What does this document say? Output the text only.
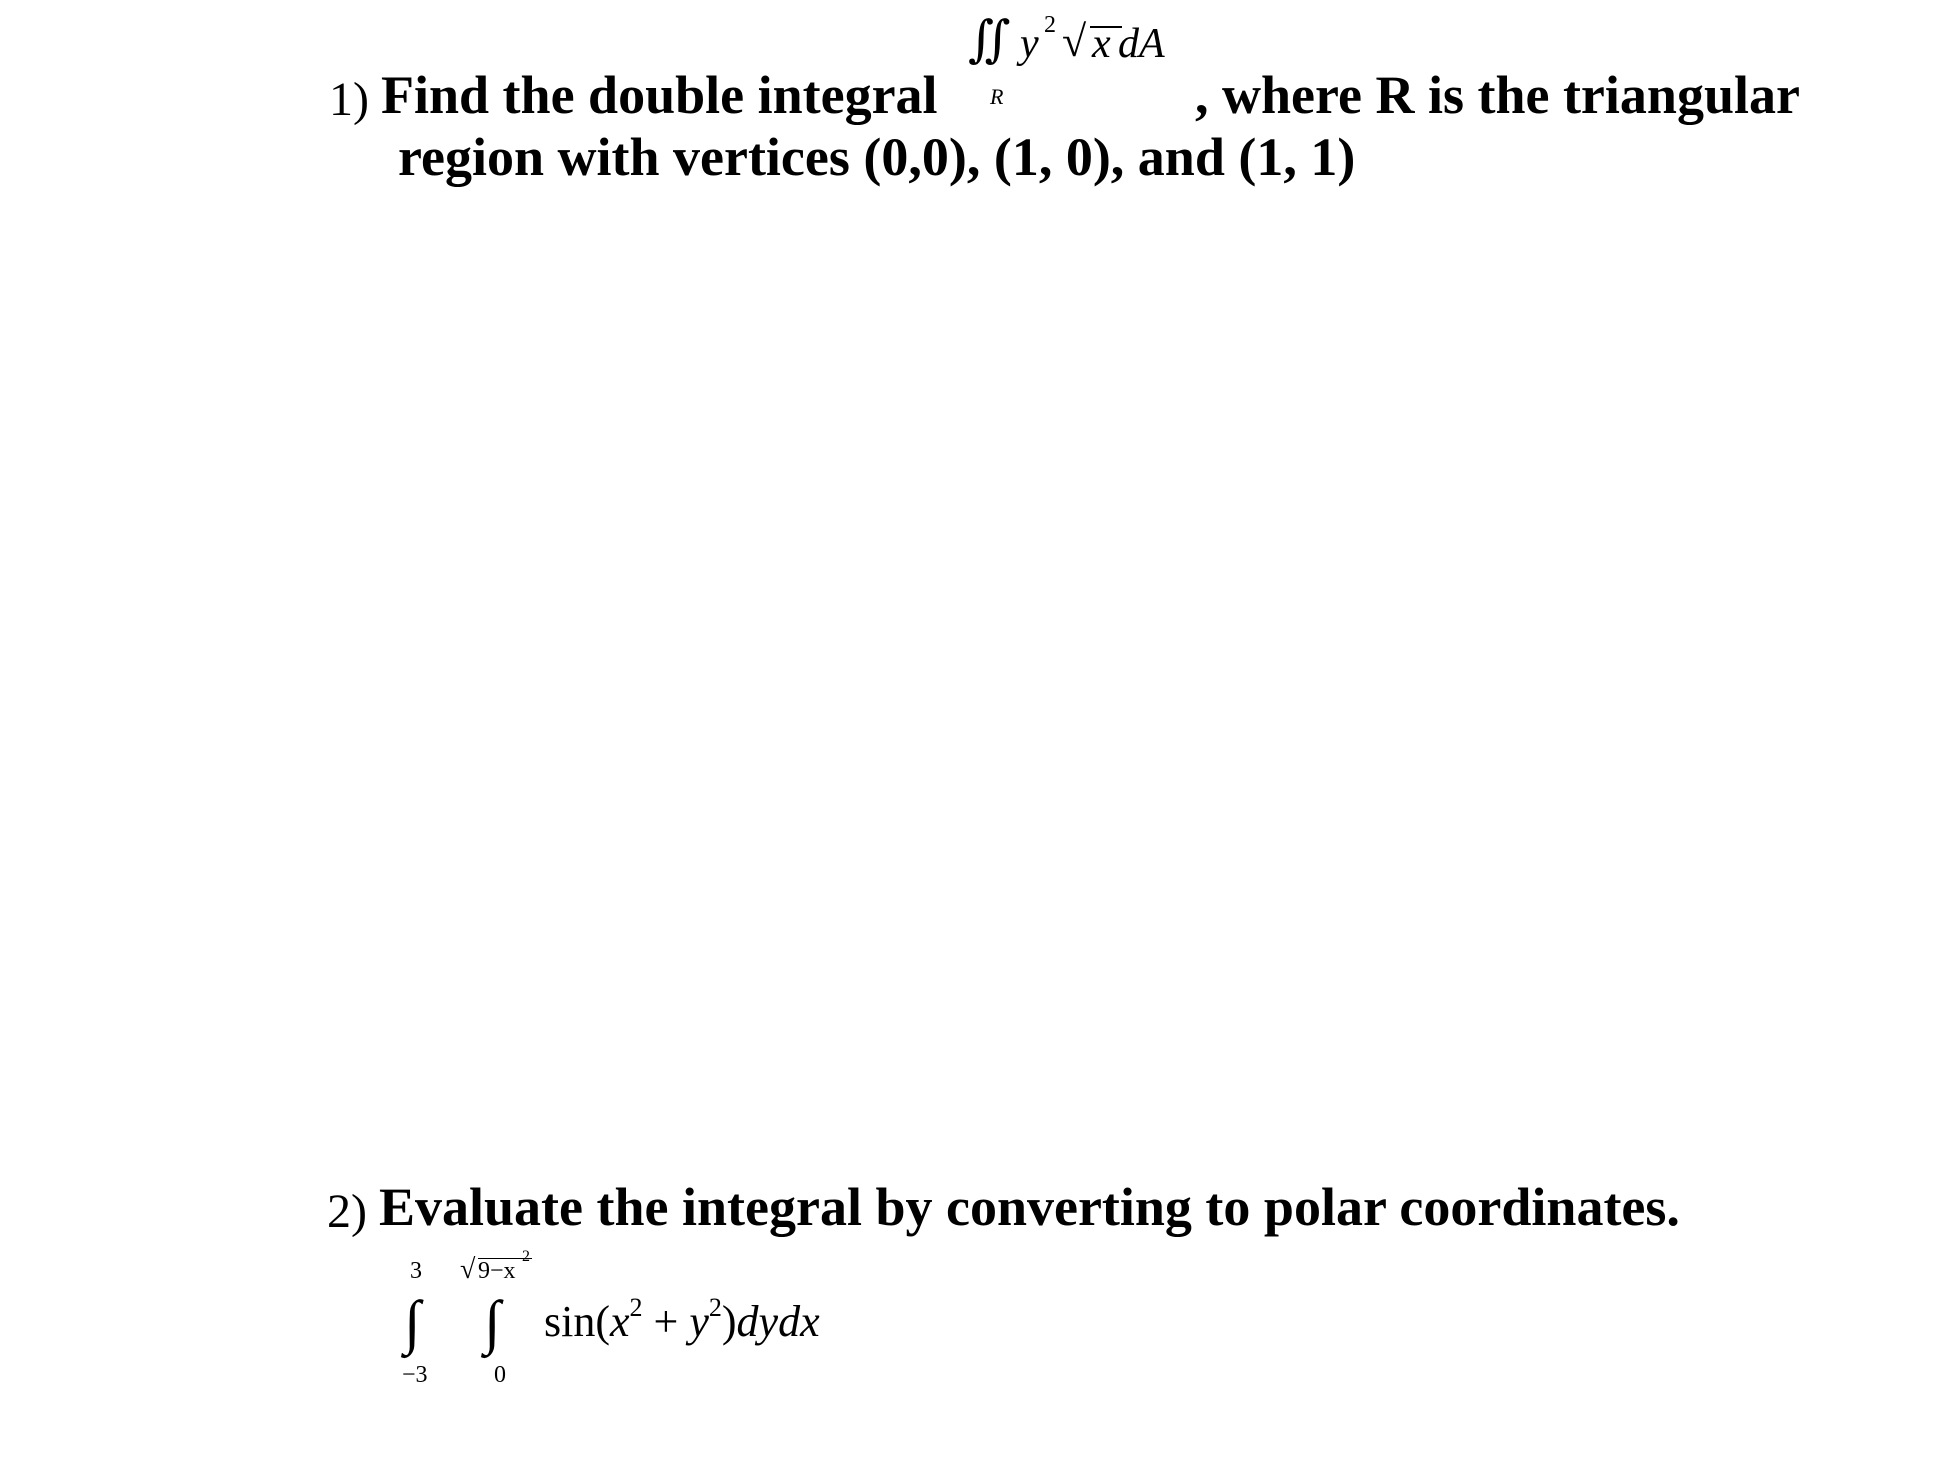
1) Find the double integral
∬ y 2 √ x dA
R	, where R is the triangular
region with vertices (0,0), (1, 0), and (1, 1)
2) Evaluate the integral by converting to polar coordinates.
3
∫
−3
√ 9−x
2
∫
0
$\sin(x^2$ + $y^2)dydx$
